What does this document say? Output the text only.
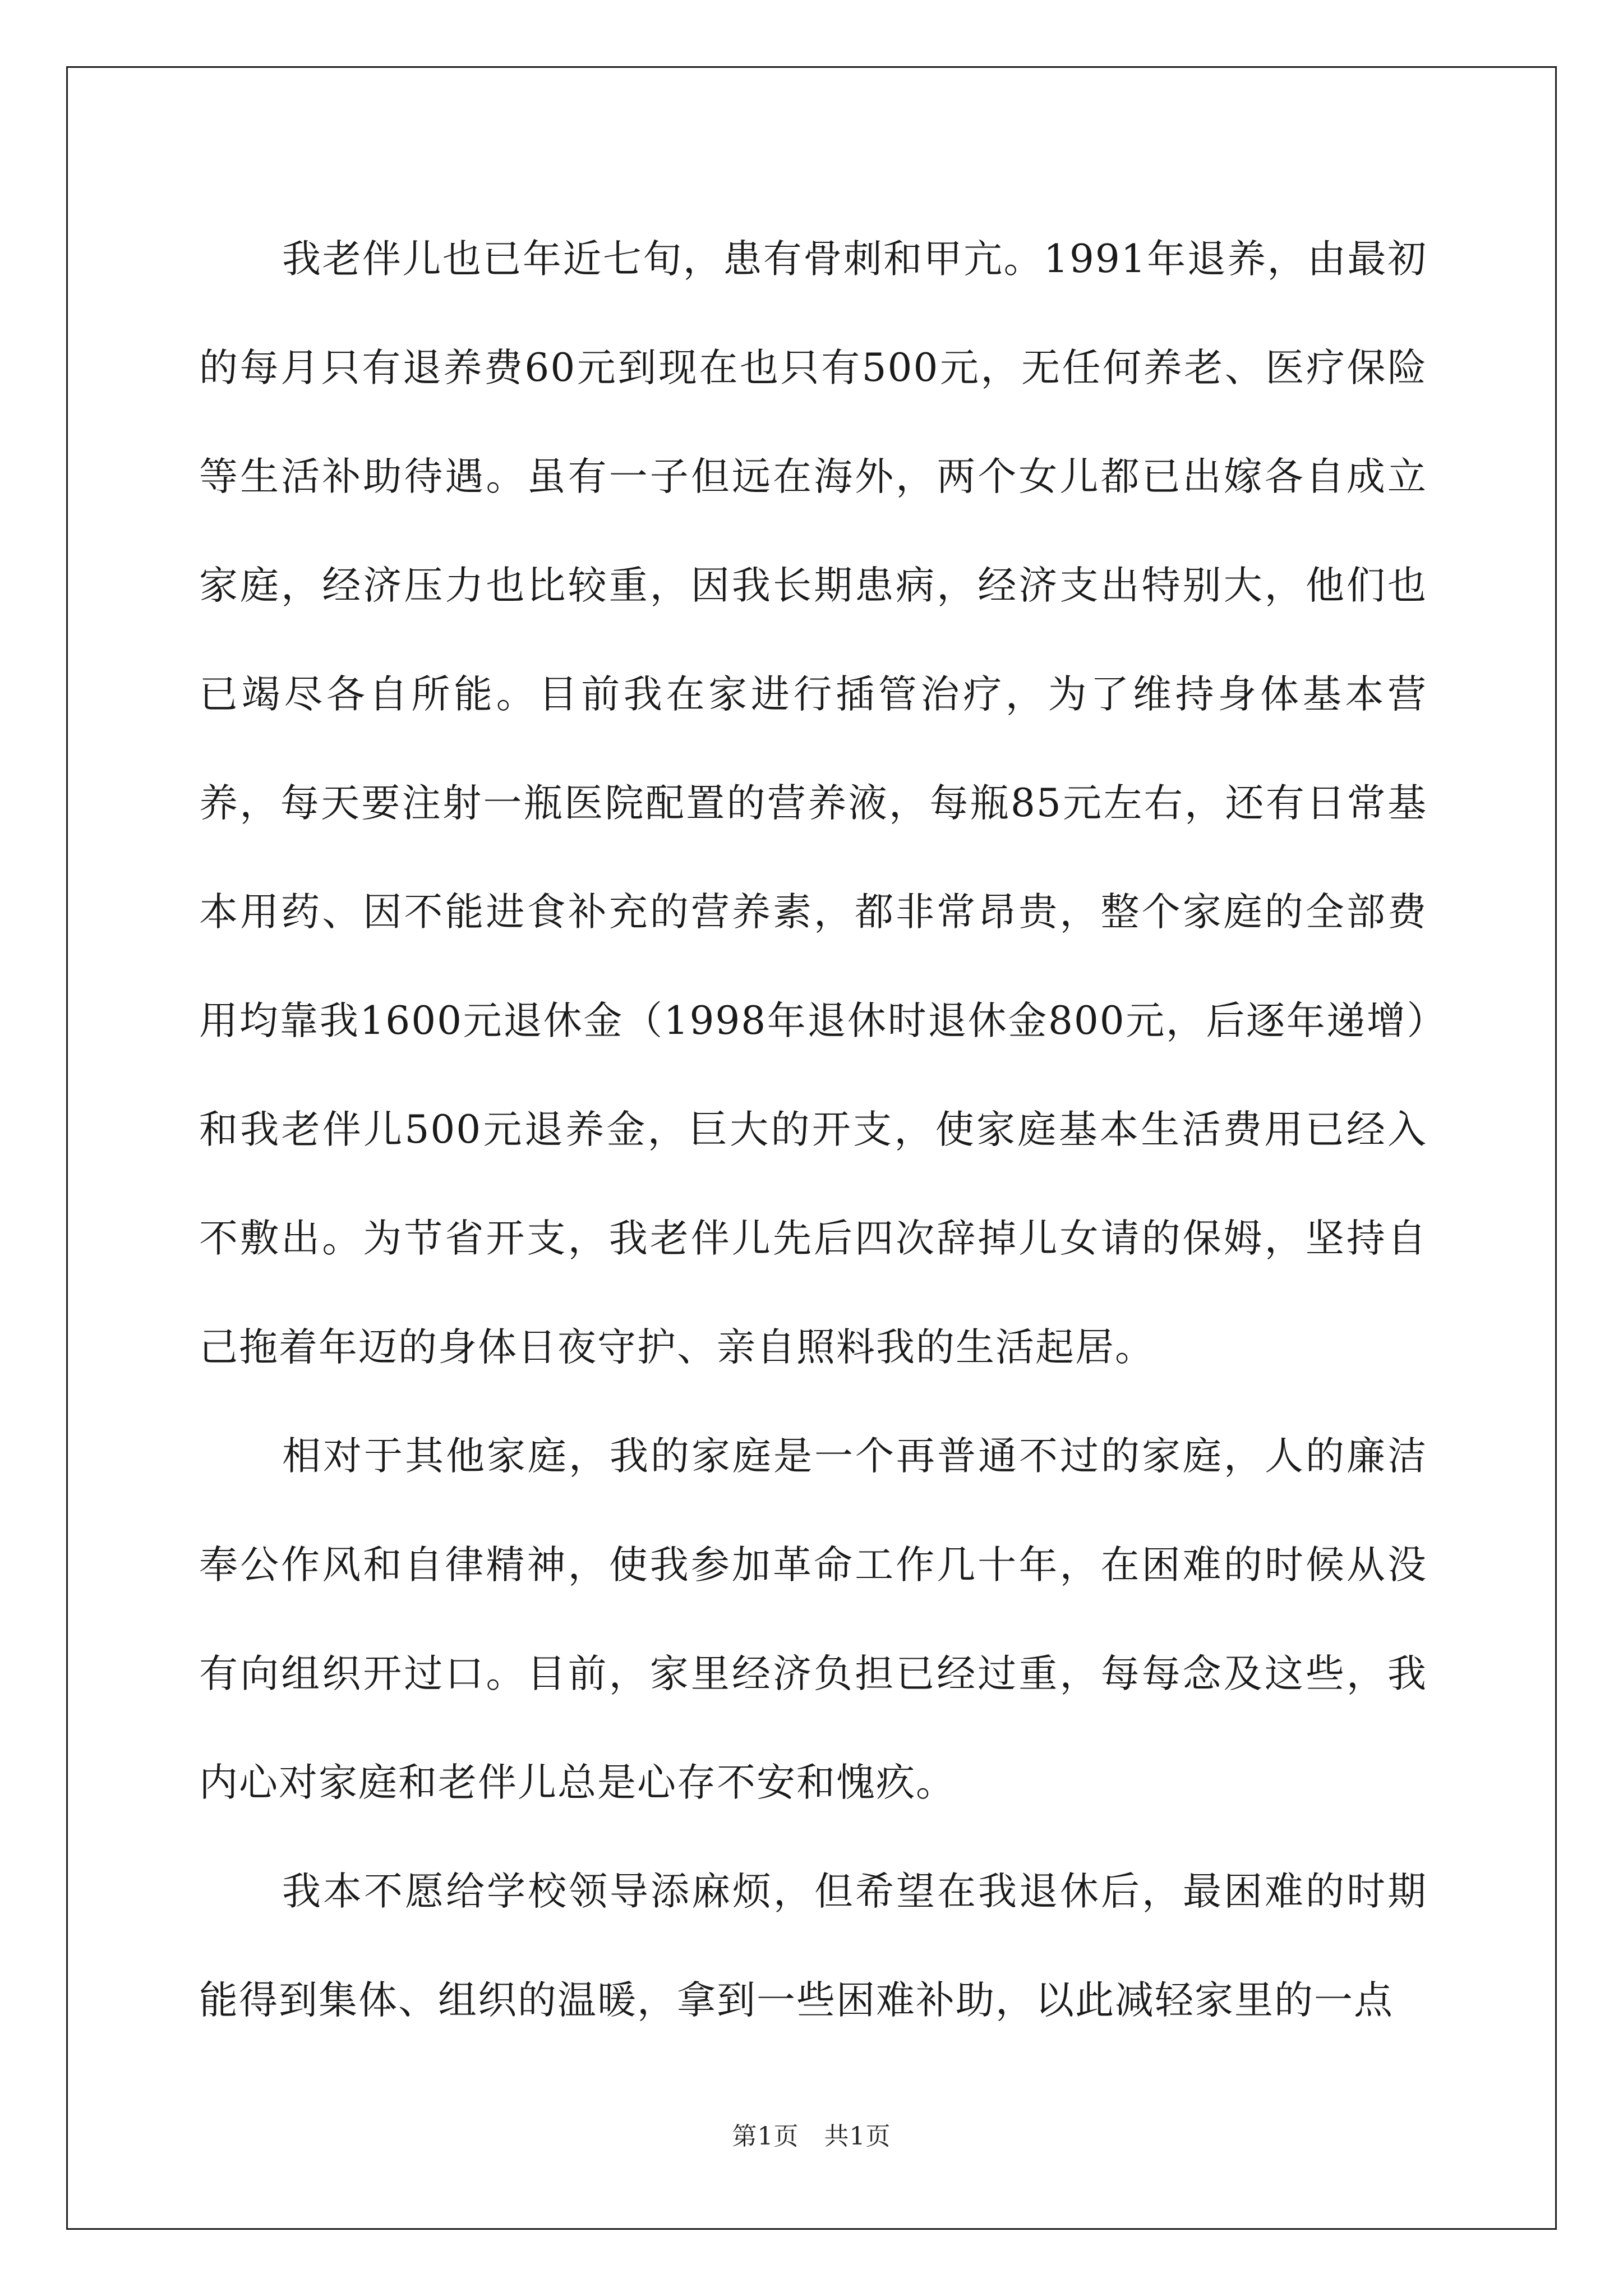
我老伴儿也已年近七旬，患有骨刺和甲亢。1991年退养，由最初的每月只有退养费60元到现在也只有500元，无任何养老、医疗保险等生活补助待遇。虽有一子但远在海外，两个女儿都已出嫁各自成立家庭，经济压力也比较重，因我长期患病，经济支出特别大，他们也已竭尽各自所能。目前我在家进行插管治疗，为了维持身体基本营养，每天要注射一瓶医院配置的营养液，每瓶85元左右，还有日常基本用药、因不能进食补充的营养素，都非常昂贵，整个家庭的全部费用均靠我1600元退休金（1998年退休时退休金800元，后逐年递增）和我老伴儿500元退养金，巨大的开支，使家庭基本生活费用已经入不敷出。为节省开支，我老伴儿先后四次辞掉儿女请的保姆，坚持自己拖着年迈的身体日夜守护、亲自照料我的生活起居。

相对于其他家庭，我的家庭是一个再普通不过的家庭，人的廉洁奉公作风和自律精神，使我参加革命工作几十年，在困难的时候从没有向组织开过口。目前，家里经济负担已经过重，每每念及这些，我内心对家庭和老伴儿总是心存不安和愧疚。

我本不愿给学校领导添麻烦，但希望在我退休后，最困难的时期能得到集体、组织的温暖，拿到一些困难补助，以此减轻家里的一点

第1页 共1页
